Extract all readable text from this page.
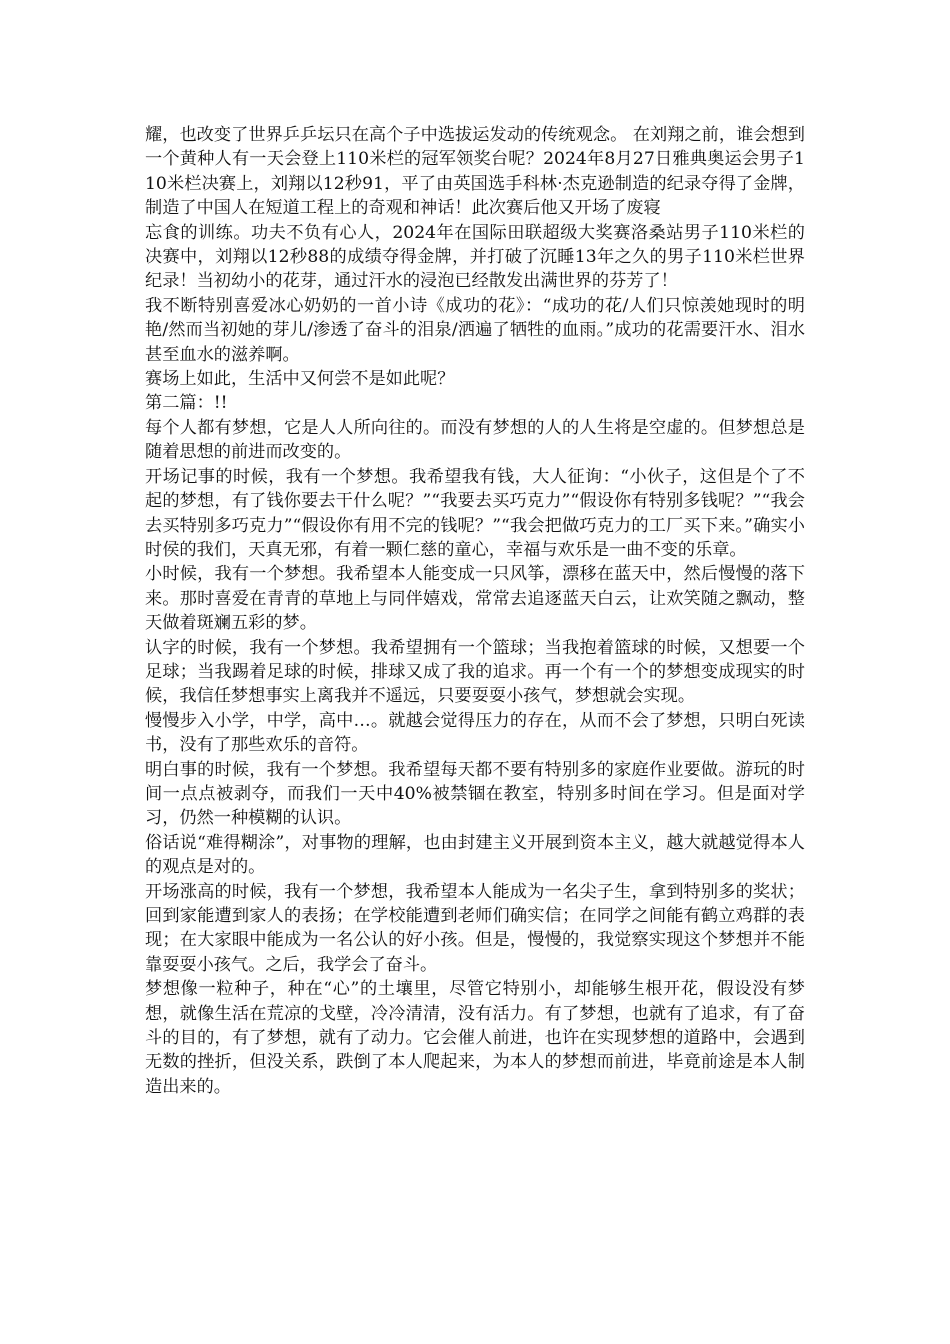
耀，也改变了世界乒乒坛只在高个子中选拔运发动的传统观念。 在刘翔之前，谁会想到一个黄种人有一天会登上110米栏的冠军领奖台呢？2024年8月27日雅典奥运会男子110米栏决赛上，刘翔以12秒91，平了由英国选手科林·杰克逊制造的纪录夺得了金牌，制造了中国人在短道工程上的奇观和神话！此次赛后他又开场了废寝

忘食的训练。功夫不负有心人，2024年在国际田联超级大奖赛洛桑站男子110米栏的决赛中，刘翔以12秒88的成绩夺得金牌，并打破了沉睡13年之久的男子110米栏世界纪录！当初幼小的花芽，通过汗水的浸泡已经散发出满世界的芬芳了！

我不断特别喜爱冰心奶奶的一首小诗《成功的花》：“成功的花/人们只惊羡她现时的明艳/然而当初她的芽儿/渗透了奋斗的泪泉/洒遍了牺牲的血雨。”成功的花需要汗水、泪水甚至血水的滋养啊。

赛场上如此，生活中又何尝不是如此呢？

第二篇：!!

每个人都有梦想，它是人人所向往的。而没有梦想的人的人生将是空虚的。但梦想总是随着思想的前进而改变的。

开场记事的时候，我有一个梦想。我希望我有钱，大人征询：“小伙子，这但是个了不起的梦想，有了钱你要去干什么呢？”“我要去买巧克力”“假设你有特别多钱呢？”“我会去买特别多巧克力”“假设你有用不完的钱呢？”“我会把做巧克力的工厂买下来。”确实小时侯的我们，天真无邪，有着一颗仁慈的童心，幸福与欢乐是一曲不变的乐章。

小时候，我有一个梦想。我希望本人能变成一只风筝，漂移在蓝天中，然后慢慢的落下来。那时喜爱在青青的草地上与同伴嬉戏，常常去追逐蓝天白云，让欢笑随之飘动，整天做着斑斓五彩的梦。

认字的时候，我有一个梦想。我希望拥有一个篮球；当我抱着篮球的时候，又想要一个足球；当我踢着足球的时候，排球又成了我的追求。再一个有一个的梦想变成现实的时候，我信任梦想事实上离我并不遥远，只要耍耍小孩气，梦想就会实现。

慢慢步入小学，中学，高中…。就越会觉得压力的存在，从而不会了梦想，只明白死读书，没有了那些欢乐的音符。

明白事的时候，我有一个梦想。我希望每天都不要有特别多的家庭作业要做。游玩的时间一点点被剥夺，而我们一天中40%被禁锢在教室，特别多时间在学习。但是面对学习，仍然一种模糊的认识。

俗话说“难得糊涂”，对事物的理解，也由封建主义开展到资本主义，越大就越觉得本人的观点是对的。

开场涨高的时候，我有一个梦想，我希望本人能成为一名尖子生，拿到特别多的奖状；回到家能遭到家人的表扬；在学校能遭到老师们确实信；在同学之间能有鹤立鸡群的表现；在大家眼中能成为一名公认的好小孩。但是，慢慢的，我觉察实现这个梦想并不能靠耍耍小孩气。之后，我学会了奋斗。

梦想像一粒种子，种在“心”的土壤里，尽管它特别小，却能够生根开花，假设没有梦想，就像生活在荒凉的戈壁，冷冷清清，没有活力。有了梦想，也就有了追求，有了奋斗的目的，有了梦想，就有了动力。它会催人前进，也许在实现梦想的道路中，会遇到无数的挫折，但没关系，跌倒了本人爬起来，为本人的梦想而前进，毕竟前途是本人制造出来的。
